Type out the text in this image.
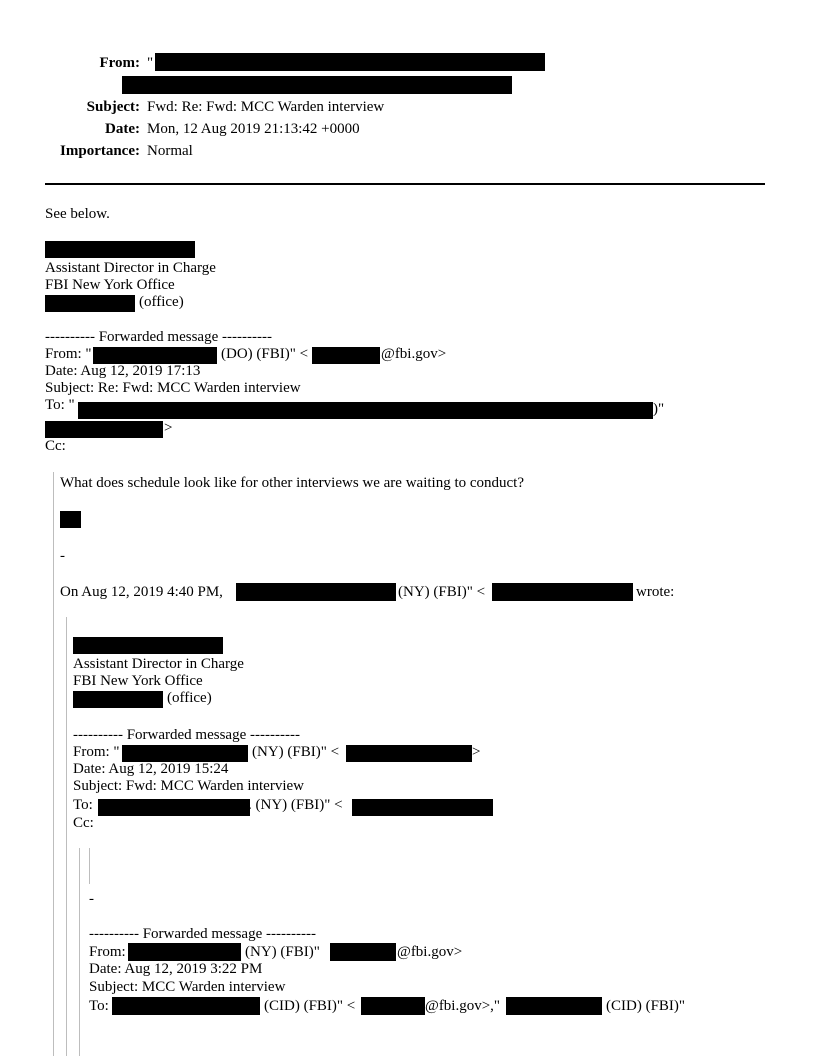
From: "
Subject: Fwd: Re: Fwd: MCC Warden interview
Date: Mon, 12 Aug 2019 21:13:42 +0000
Importance: Normal
See below.
Assistant Director in Charge
FBI New York Office
(office)
---------- Forwarded message ----------
From: "	(DO) (FBI)" <	@fbi.gov>
Date: Aug 12, 2019 17:13
Subject: Re: Fwd: MCC Warden interview
To: "	)"
>
Cc:
What does schedule look like for other interviews we are waiting to conduct?
-
On Aug 12, 2019 4:40 PM,	(NY) (FBI)" <	wrote:
Assistant Director in Charge
FBI New York Office
(office)
---------- Forwarded message ----------
From: "	(NY) (FBI)" <	>
Date: Aug 12, 2019 15:24
Subject: Fwd: MCC Warden interview
To:	. (NY) (FBI)" <
Cc:
-
---------- Forwarded message ----------
From:	(NY) (FBI)"	@fbi.gov>
Date: Aug 12, 2019 3:22 PM
Subject: MCC Warden interview
To:	(CID) (FBI)" <	@fbi.gov>,"	(CID) (FBI)"
